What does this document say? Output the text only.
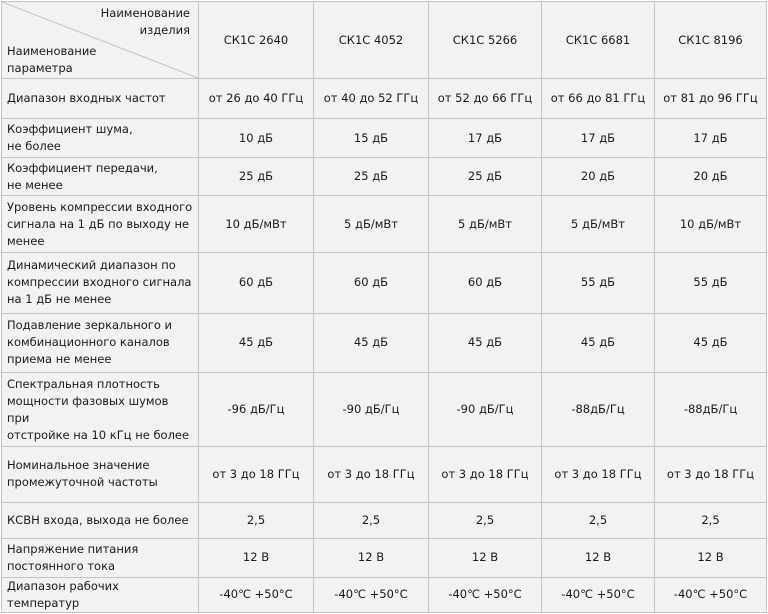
Наименование
изделия
Наименование
параметра	СК1С 2640	СК1С 4052	СК1С 5266	СК1С 6681	СК1С 8196

Диапазон входных частот	от 26 до 40 ГГц	от 40 до 52 ГГц	от 52 до 66 ГГц	от 66 до 81 ГГц	от 81 до 96 ГГц

Коэффициент шума,
не более	10 дБ	15 дБ	17 дБ	17 дБ	17 дБ

Коэффициент передачи,
не менее	25 дБ	25 дБ	25 дБ	20 дБ	20 дБ

Уровень компрессии входного
сигнала на 1 дБ по выходу не
менее	10 дБ/мВт	5 дБ/мВт	5 дБ/мВт	5 дБ/мВт	10 дБ/мВт

Динамический диапазон по
компрессии входного сигнала
на 1 дБ не менее	60 дБ	60 дБ	60 дБ	55 дБ	55 дБ

Подавление зеркального и
комбинационного каналов
приема не менее	45 дБ	45 дБ	45 дБ	45 дБ	45 дБ

Спектральная плотность
мощности фазовых шумов при
отстройке на 10 кГц не более	-96 дБ/Гц	-90 дБ/Гц	-90 дБ/Гц	-88дБ/Гц	-88дБ/Гц

Номинальное значение
промежуточной частоты	от 3 до 18 ГГц	от 3 до 18 ГГц	от 3 до 18 ГГц	от 3 до 18 ГГц	от 3 до 18 ГГц

КСВН входа, выхода не более	2,5	2,5	2,5	2,5	2,5

Напряжение питания
постоянного тока	12 В	12 В	12 В	12 В	12 В

Диапазон рабочих температур	-40℃ +50°C	-40℃ +50°C	-40℃ +50°C	-40℃ +50°C	-40℃ +50°C
